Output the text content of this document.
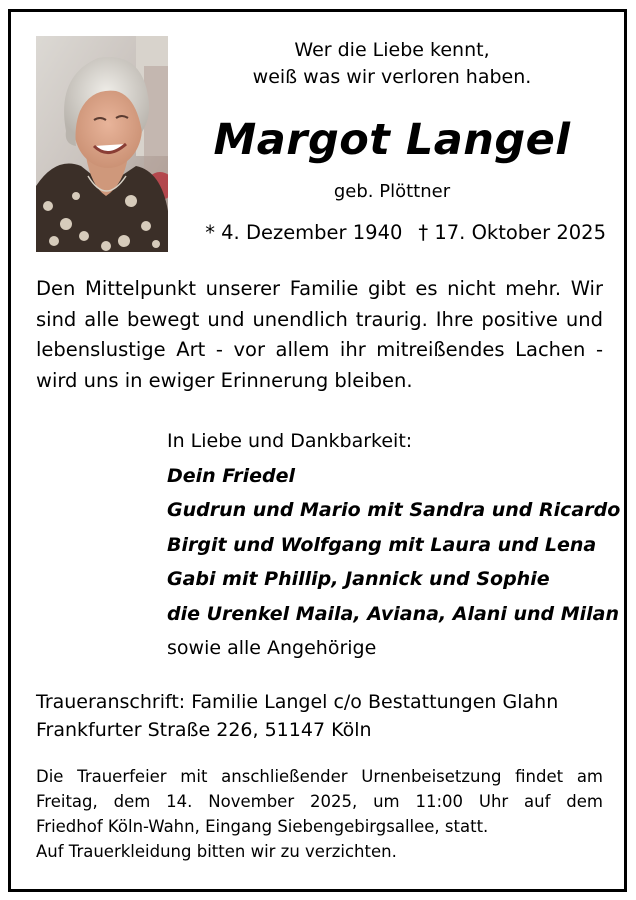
Wer die Liebe kennt,
weiß was wir verloren haben.
Margot Langel
geb. Plöttner
* 4. Dezember 1940 † 17. Oktober 2025
Den Mittelpunkt unserer Familie gibt es nicht mehr. Wir
sind alle bewegt und unendlich traurig. Ihre positive und
lebenslustige Art - vor allem ihr mitreißendes Lachen -
wird uns in ewiger Erinnerung bleiben.
In Liebe und Dankbarkeit:
Dein Friedel
Gudrun und Mario mit Sandra und Ricardo
Birgit und Wolfgang mit Laura und Lena
Gabi mit Phillip, Jannick und Sophie
die Urenkel Maila, Aviana, Alani und Milan
sowie alle Angehörige
Traueranschrift: Familie Langel c/o Bestattungen Glahn
Frankfurter Straße 226, 51147 Köln
Die Trauerfeier mit anschließender Urnenbeisetzung findet am
Freitag, dem 14. November 2025, um 11:00 Uhr auf dem
Friedhof Köln-Wahn, Eingang Siebengebirgsallee, statt.
Auf Trauerkleidung bitten wir zu verzichten.
